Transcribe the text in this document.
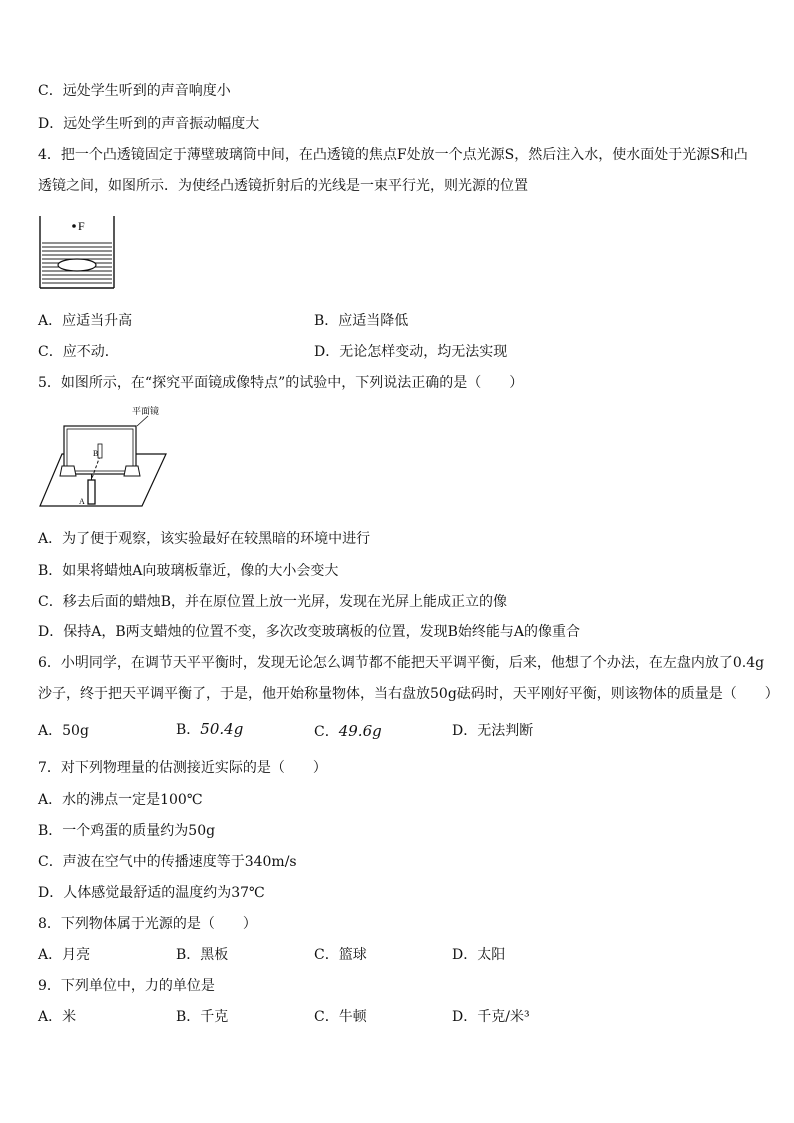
C．远处学生听到的声音响度小
D．远处学生听到的声音振动幅度大
4．把一个凸透镜固定于薄壁玻璃筒中间，在凸透镜的焦点F处放一个点光源S，然后注入水，使水面处于光源S和凸
透镜之间，如图所示．为使经凸透镜折射后的光线是一束平行光，则光源的位置
F
A．应适当升高	B．应适当降低
C．应不动．	D．无论怎样变动，均无法实现
5．如图所示，在“探究平面镜成像特点”的试验中，下列说法正确的是（　　）
平面镜
B
A
A．为了便于观察，该实验最好在较黑暗的环境中进行
B．如果将蜡烛A向玻璃板靠近，像的大小会变大
C．移去后面的蜡烛B，并在原位置上放一光屏，发现在光屏上能成正立的像
D．保持A，B两支蜡烛的位置不变，多次改变玻璃板的位置，发现B始终能与A的像重合
6．小明同学，在调节天平平衡时，发现无论怎么调节都不能把天平调平衡，后来，他想了个办法，在左盘内放了0.4g
沙子，终于把天平调平衡了，于是，他开始称量物体，当右盘放50g砝码时，天平刚好平衡，则该物体的质量是（　　）
A．50g	B．50.4g	C．49.6g	D．无法判断
7．对下列物理量的估测接近实际的是（　　）
A．水的沸点一定是100℃
B．一个鸡蛋的质量约为50g
C．声波在空气中的传播速度等于340m/s
D．人体感觉最舒适的温度约为37℃
8．下列物体属于光源的是（　　）
A．月亮	B．黑板	C．篮球	D．太阳
9．下列单位中，力的单位是
A．米	B．千克	C．牛顿	D．千克/米³
